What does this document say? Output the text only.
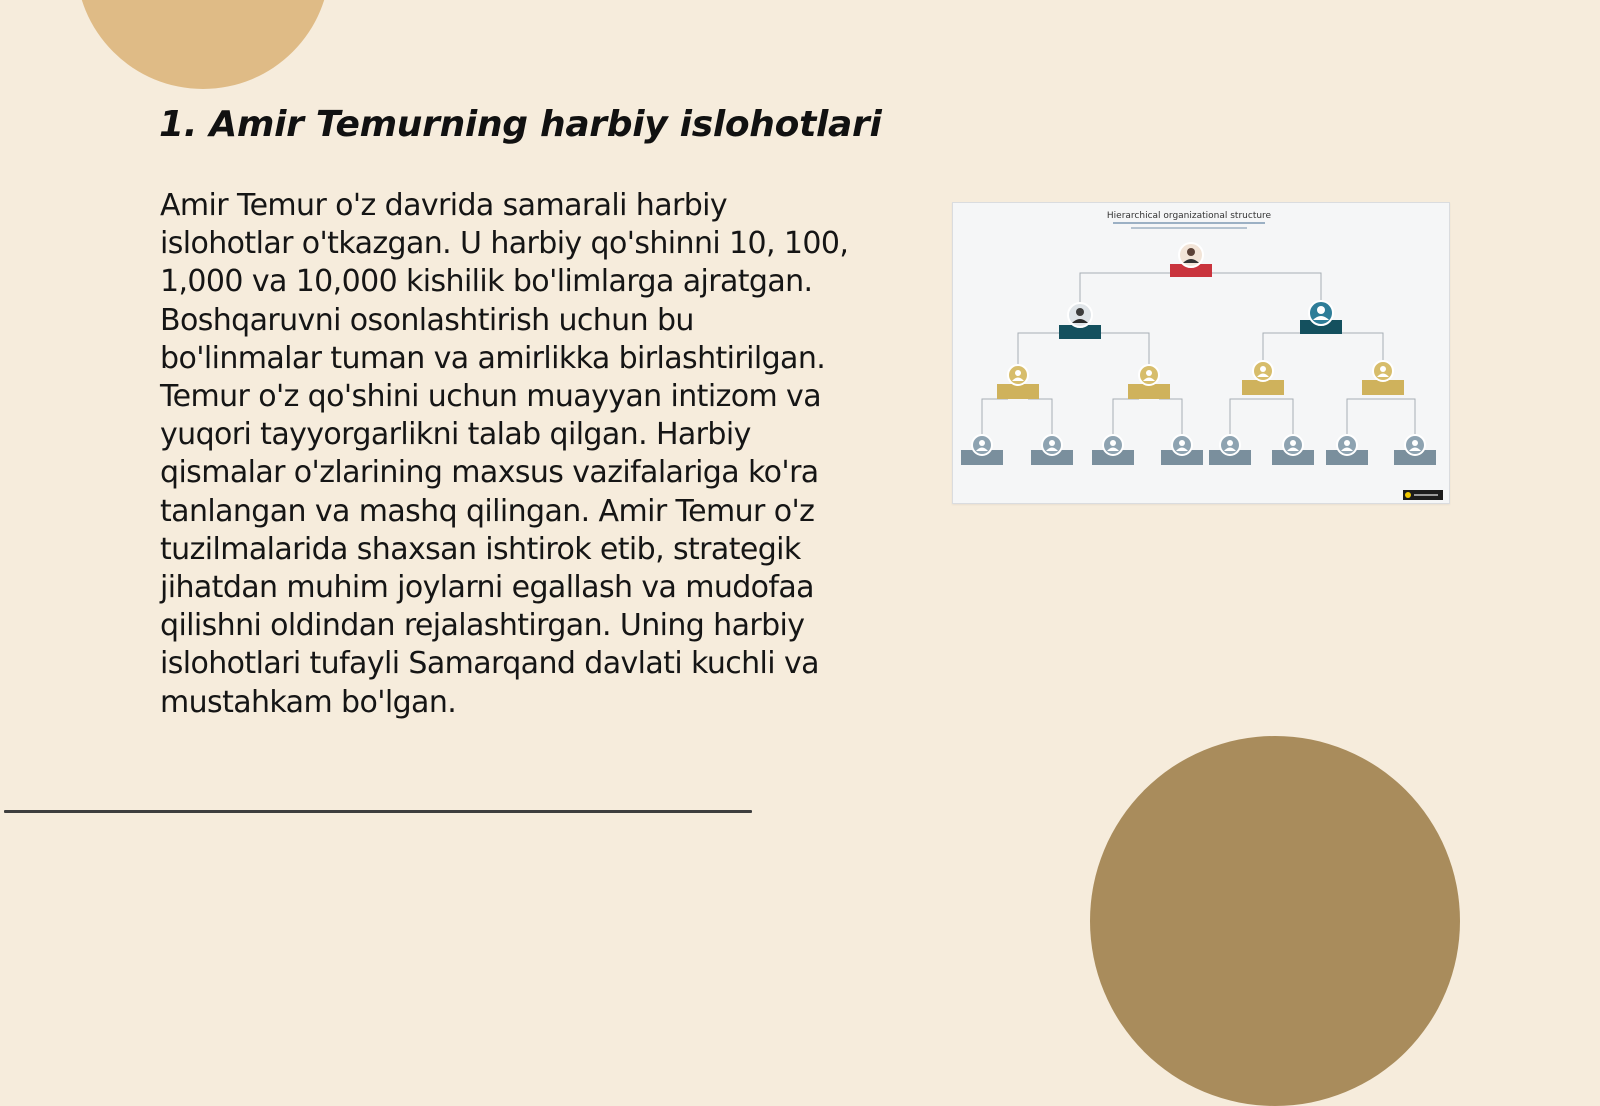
1. Amir Temurning harbiy islohotlari

Amir Temur o'z davrida samarali harbiy islohotlar o'tkazgan. U harbiy qo'shinni 10, 100, 1,000 va 10,000 kishilik bo'limlarga ajratgan. Boshqaruvni osonlashtirish uchun bu bo'linmalar tuman va amirlikka birlashtirilgan. Temur o'z qo'shini uchun muayyan intizom va yuqori tayyorgarlikni talab qilgan. Harbiy qismalar o'zlarining maxsus vazifalariga ko'ra tanlangan va mashq qilingan. Amir Temur o'z tuzilmalarida shaxsan ishtirok etib, strategik jihatdan muhim joylarni egallash va mudofaa qilishni oldindan rejalashtirgan. Uning harbiy islohotlari tufayli Samarqand davlati kuchli va mustahkam bo'lgan.

Hierarchical organizational structure
